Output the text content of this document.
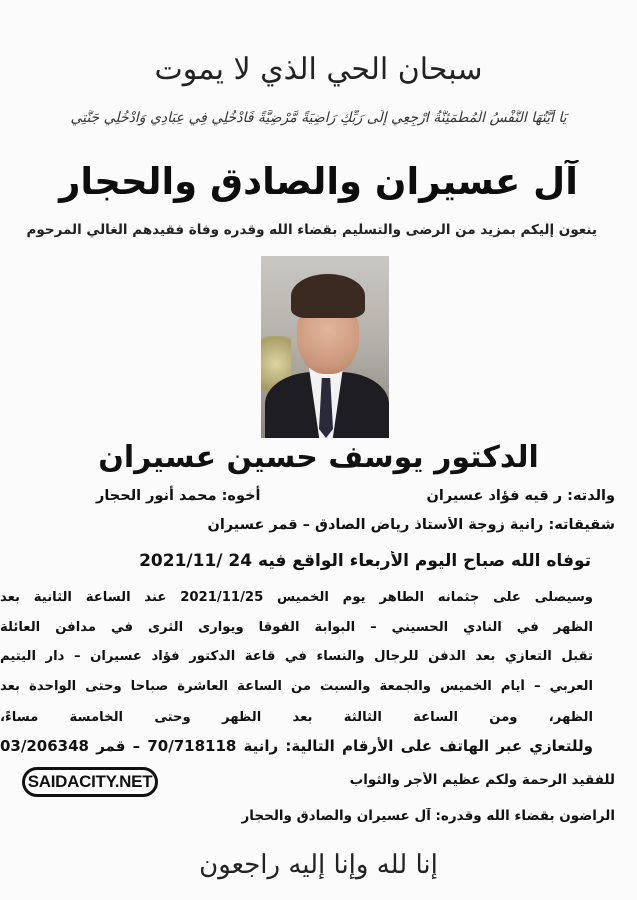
سبحان الحي الذي لا يموت
يَا أَيَّتُهَا النَّفْسُ الْمُطْمَئِنَّةُ ارْجِعِي إِلَى رَبِّكِ رَاضِيَةً مَّرْضِيَّةً فَادْخُلِي فِي عِبَادِي وَادْخُلِي جَنَّتِي
آل عسيران والصادق والحجار
ينعون إليكم بمزيد من الرضى والتسليم بقضاء الله وقدره وفاة فقيدهم الغالي المرحوم
الدكتور يوسف حسين عسيران
والدته: ر قيه فؤاد عسيران
أخوه: محمد أنور الحجار
شقيقاته: رانية زوجة الأستاذ رياض الصادق – قمر عسيران
توفاه الله صباح اليوم الأربعاء الواقع فيه 24 /2021/11
وسيصلى على جثمانه الطاهر يوم الخميس 2021/11/25 عند الساعة الثانية بعد
الظهر في النادي الحسيني – البوابة الفوقا ويوارى الثرى في مدافن العائلة
تقبل التعازي بعد الدفن للرجال والنساء في قاعة الدكتور فؤاد عسيران – دار اليتيم
العربي – أيام الخميس والجمعة والسبت من الساعة العاشرة صباحاً وحتى الواحدة بعد
الظهر، ومن الساعة الثالثة بعد الظهر وحتى الخامسة مساءً،
وللتعازي عبر الهاتف على الأرقام التالية: رانية 70/718118 – قمر 03/206348
للفقيد الرحمة ولكم عظيم الأجر والثواب
الراضون بقضاء الله وقدره: آل عسيران والصادق والحجار
إنا لله وإنا إليه راجعون
SAIDACITY.NET
